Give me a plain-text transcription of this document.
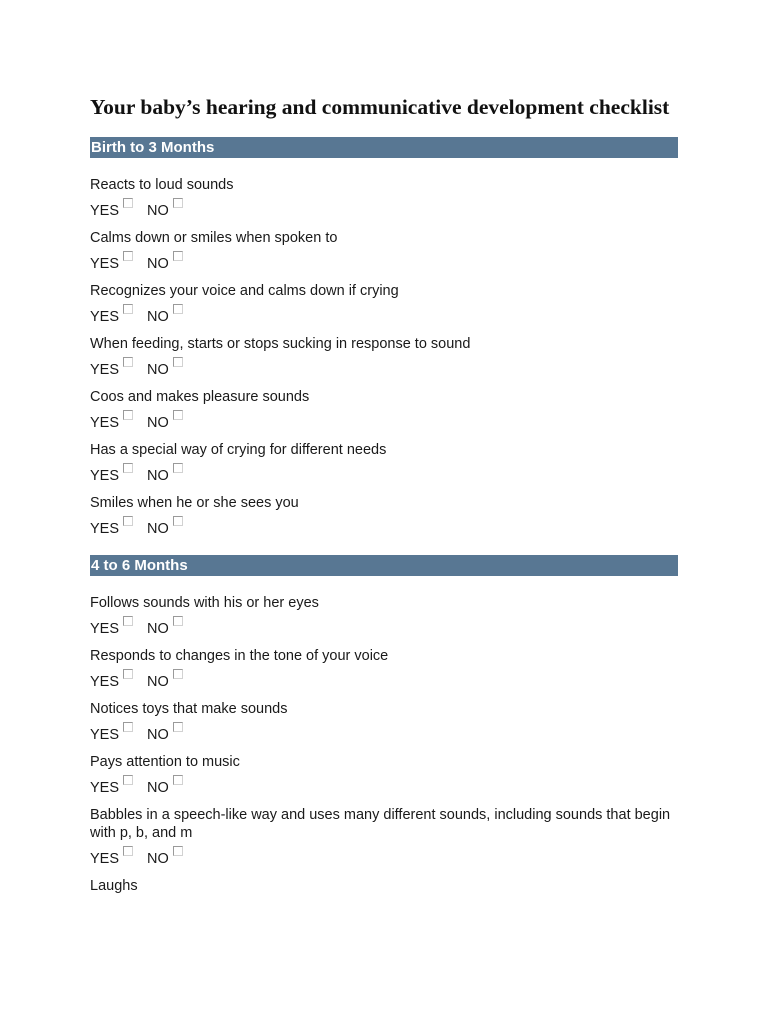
Your baby’s hearing and communicative development checklist
Birth to 3 Months
Reacts to loud sounds
YES NO
Calms down or smiles when spoken to
YES NO
Recognizes your voice and calms down if crying
YES NO
When feeding, starts or stops sucking in response to sound
YES NO
Coos and makes pleasure sounds
YES NO
Has a special way of crying for different needs
YES NO
Smiles when he or she sees you
YES NO
4 to 6 Months
Follows sounds with his or her eyes
YES NO
Responds to changes in the tone of your voice
YES NO
Notices toys that make sounds
YES NO
Pays attention to music
YES NO
Babbles in a speech-like way and uses many different sounds, including sounds that begin with p, b, and m
YES NO
Laughs
